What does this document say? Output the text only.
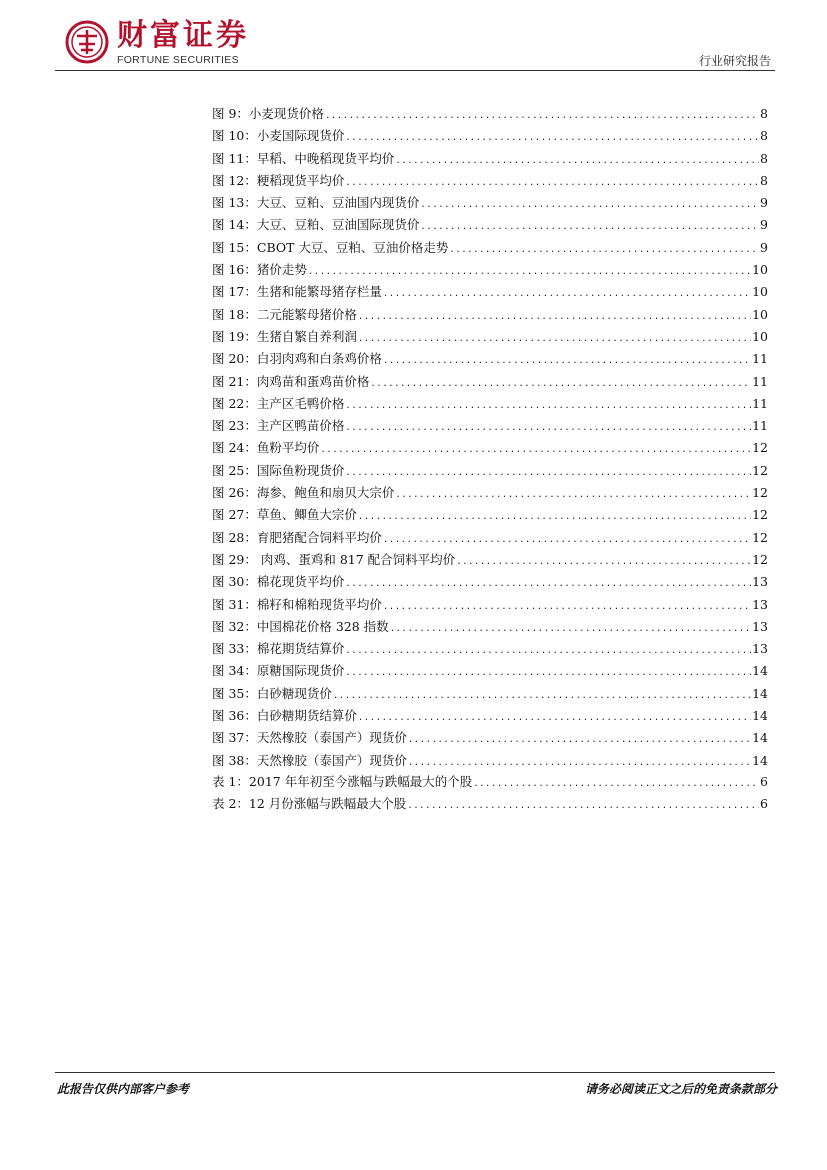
财富证券
FORTUNE SECURITIES	行业研究报告
图 9：小麦现货价格 .....	8
图 10：小麦国际现货价 .....	8
图 11：早稻、中晚稻现货平均价 .....	8
图 12：粳稻现货平均价 .....	8
图 13：大豆、豆粕、豆油国内现货价 .....	9
图 14：大豆、豆粕、豆油国际现货价 .....	9
图 15：CBOT 大豆、豆粕、豆油价格走势 .....	9
图 16：猪价走势 .....	10
图 17：生猪和能繁母猪存栏量 .....	10
图 18：二元能繁母猪价格 .....	10
图 19：生猪自繁自养利润 .....	10
图 20：白羽肉鸡和白条鸡价格 .....	11
图 21：肉鸡苗和蛋鸡苗价格 .....	11
图 22：主产区毛鸭价格 .....	11
图 23：主产区鸭苗价格 .....	11
图 24：鱼粉平均价 .....	12
图 25：国际鱼粉现货价 .....	12
图 26：海参、鲍鱼和扇贝大宗价 .....	12
图 27：草鱼、鲫鱼大宗价 .....	12
图 28：育肥猪配合饲料平均价 .....	12
图 29： 肉鸡、蛋鸡和 817 配合饲料平均价 .....	12
图 30：棉花现货平均价 .....	13
图 31：棉籽和棉粕现货平均价 .....	13
图 32：中国棉花价格 328 指数 .....	13
图 33：棉花期货结算价 .....	13
图 34：原糖国际现货价 .....	14
图 35：白砂糖现货价 .....	14
图 36：白砂糖期货结算价 .....	14
图 37：天然橡胶（泰国产）现货价 .....	14
图 38：天然橡胶（泰国产）现货价 .....	14
表 1：2017 年年初至今涨幅与跌幅最大的个股 .....	6
表 2：12 月份涨幅与跌幅最大个股 .....	6
此报告仅供内部客户参考	请务必阅读正文之后的免责条款部分
